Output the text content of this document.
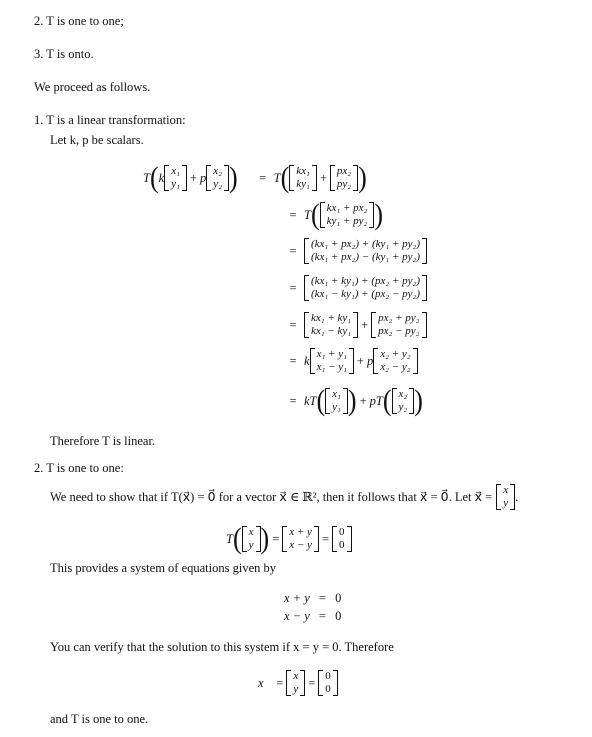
2. T is one to one;
3. T is onto.
We proceed as follows.
1. T is a linear transformation:
Let k, p be scalars.
T ( k x₁
y₁ + p x₂
y₂ )	= T ( kx₁
ky₁ + px₂
py₂ )
= T ( kx₁ + px₂
ky₁ + py₂ )
=	(kx₁ + px₂) + (ky₁ + py₂)
(kx₁ + px₂) − (ky₁ + py₂)
=	(kx₁ + ky₁) + (px₂ + py₂)
(kx₁ − ky₁) + (px₂ − py₂)
=	kx₁ + ky₁
kx₁ − ky₁ + px₂ + py₂
px₂ − py₂
= k x₁ + y₁
x₁ − y₁ + p x₂ + y₂
x₂ − y₂
= kT ( x₁
y₁ ) + pT ( x₂
y₂ )
Therefore T is linear.
2. T is one to one:
We need to show that if T(x⃗) = 0⃗ for a vector x⃗ ∈ ℝ², then it follows that x⃗ = 0⃗. Let x⃗ = x
y .
T ( x
y ) = x + y
x − y = 0
0
This provides a system of equations given by
x + y = 0
x − y = 0
You can verify that the solution to this system if x = y = 0. Therefore
x⃗ = x
y = 0
0
and T is one to one.
